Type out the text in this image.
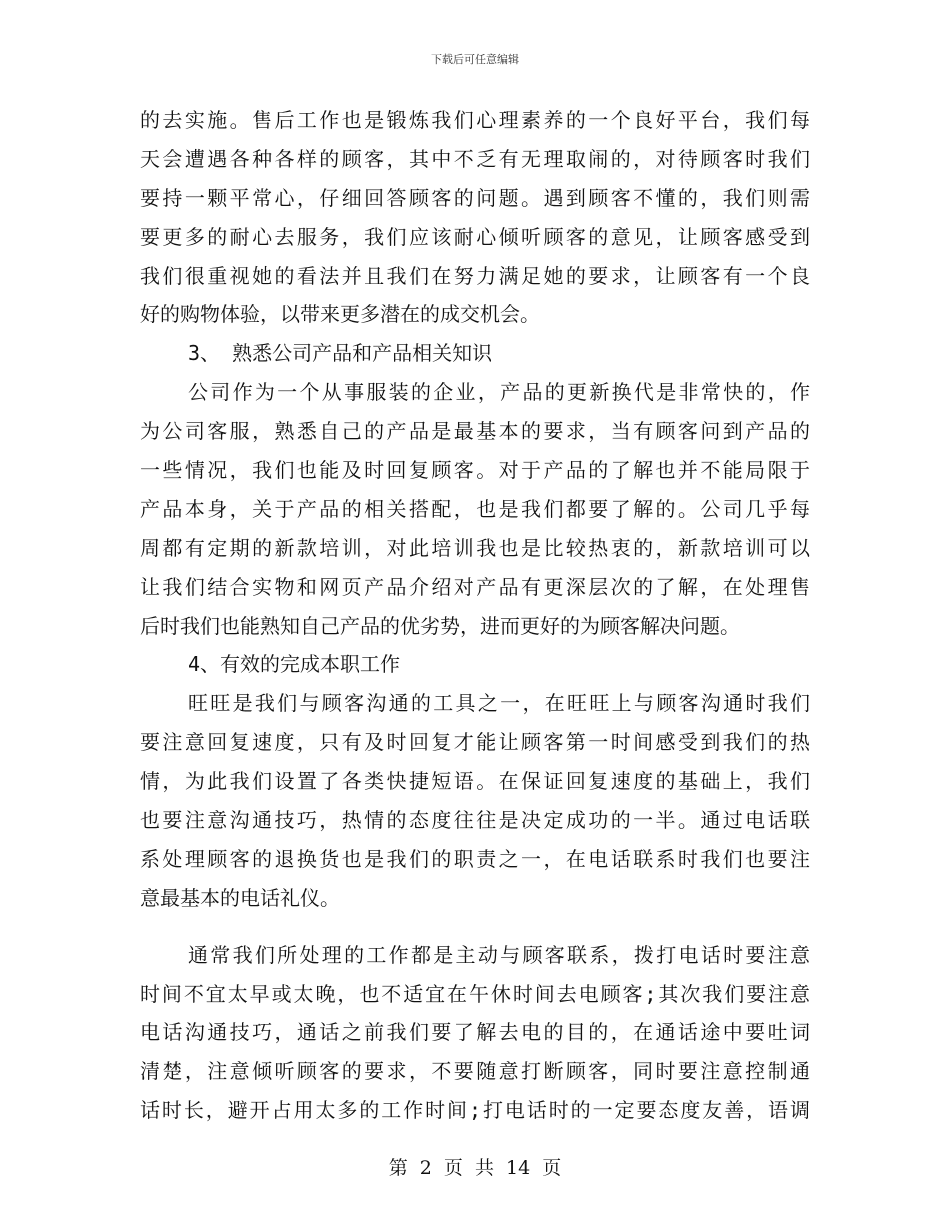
下载后可任意编辑
的去实施。售后工作也是锻炼我们心理素养的一个良好平台，我们每
天会遭遇各种各样的顾客，其中不乏有无理取闹的，对待顾客时我们
要持一颗平常心，仔细回答顾客的问题。遇到顾客不懂的，我们则需
要更多的耐心去服务，我们应该耐心倾听顾客的意见，让顾客感受到
我们很重视她的看法并且我们在努力满足她的要求，让顾客有一个良
好的购物体验，以带来更多潜在的成交机会。
3、 熟悉公司产品和产品相关知识
公司作为一个从事服装的企业，产品的更新换代是非常快的，作
为公司客服，熟悉自己的产品是最基本的要求，当有顾客问到产品的
一些情况，我们也能及时回复顾客。对于产品的了解也并不能局限于
产品本身，关于产品的相关搭配，也是我们都要了解的。公司几乎每
周都有定期的新款培训，对此培训我也是比较热衷的，新款培训可以
让我们结合实物和网页产品介绍对产品有更深层次的了解，在处理售
后时我们也能熟知自己产品的优劣势，进而更好的为顾客解决问题。
4、有效的完成本职工作
旺旺是我们与顾客沟通的工具之一，在旺旺上与顾客沟通时我们
要注意回复速度，只有及时回复才能让顾客第一时间感受到我们的热
情，为此我们设置了各类快捷短语。在保证回复速度的基础上，我们
也要注意沟通技巧，热情的态度往往是决定成功的一半。通过电话联
系处理顾客的退换货也是我们的职责之一，在电话联系时我们也要注
意最基本的电话礼仪。
通常我们所处理的工作都是主动与顾客联系，拨打电话时要注意
时间不宜太早或太晚，也不适宜在午休时间去电顾客;其次我们要注意
电话沟通技巧，通话之前我们要了解去电的目的，在通话途中要吐词
清楚，注意倾听顾客的要求，不要随意打断顾客，同时要注意控制通
话时长，避开占用太多的工作时间;打电话时的一定要态度友善，语调
第 2 页 共 14 页
